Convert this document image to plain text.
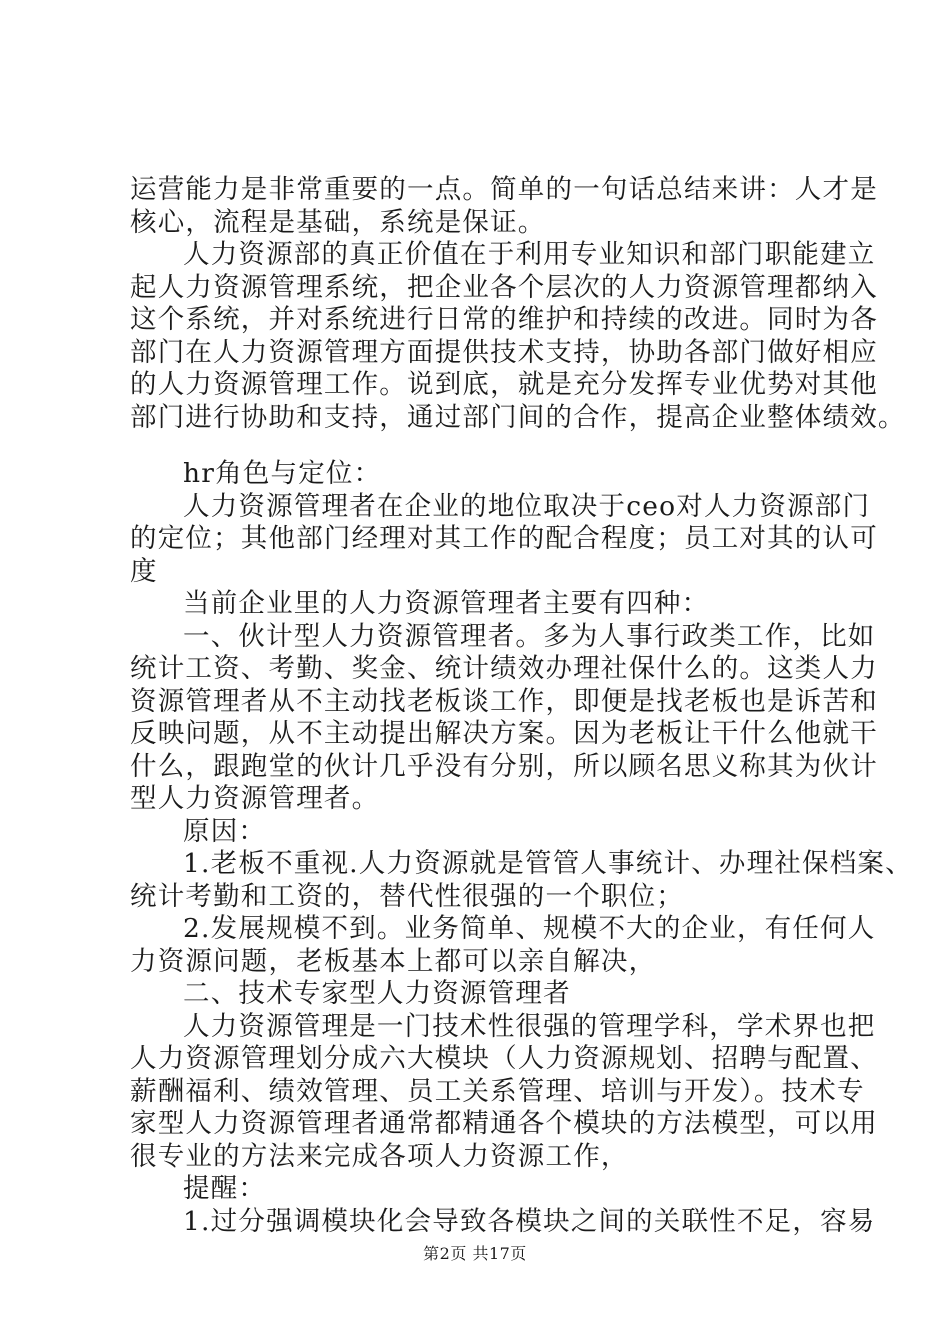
运营能力是非常重要的一点。简单的一句话总结来讲：人才是
核心，流程是基础，系统是保证。
人力资源部的真正价值在于利用专业知识和部门职能建立
起人力资源管理系统，把企业各个层次的人力资源管理都纳入
这个系统，并对系统进行日常的维护和持续的改进。同时为各
部门在人力资源管理方面提供技术支持，协助各部门做好相应
的人力资源管理工作。说到底，就是充分发挥专业优势对其他
部门进行协助和支持，通过部门间的合作，提高企业整体绩效。
hr角色与定位：
人力资源管理者在企业的地位取决于ceo对人力资源部门
的定位；其他部门经理对其工作的配合程度；员工对其的认可
度
当前企业里的人力资源管理者主要有四种：
一、伙计型人力资源管理者。多为人事行政类工作，比如
统计工资、考勤、奖金、统计绩效办理社保什么的。这类人力
资源管理者从不主动找老板谈工作，即便是找老板也是诉苦和
反映问题，从不主动提出解决方案。因为老板让干什么他就干
什么，跟跑堂的伙计几乎没有分别，所以顾名思义称其为伙计
型人力资源管理者。
原因：
1.老板不重视.人力资源就是管管人事统计、办理社保档案、
统计考勤和工资的，替代性很强的一个职位；
2.发展规模不到。业务简单、规模不大的企业，有任何人
力资源问题，老板基本上都可以亲自解决，
二、技术专家型人力资源管理者
人力资源管理是一门技术性很强的管理学科，学术界也把
人力资源管理划分成六大模块（人力资源规划、招聘与配置、
薪酬福利、绩效管理、员工关系管理、培训与开发）。技术专
家型人力资源管理者通常都精通各个模块的方法模型，可以用
很专业的方法来完成各项人力资源工作，
提醒：
1.过分强调模块化会导致各模块之间的关联性不足，容易
第2页 共17页
